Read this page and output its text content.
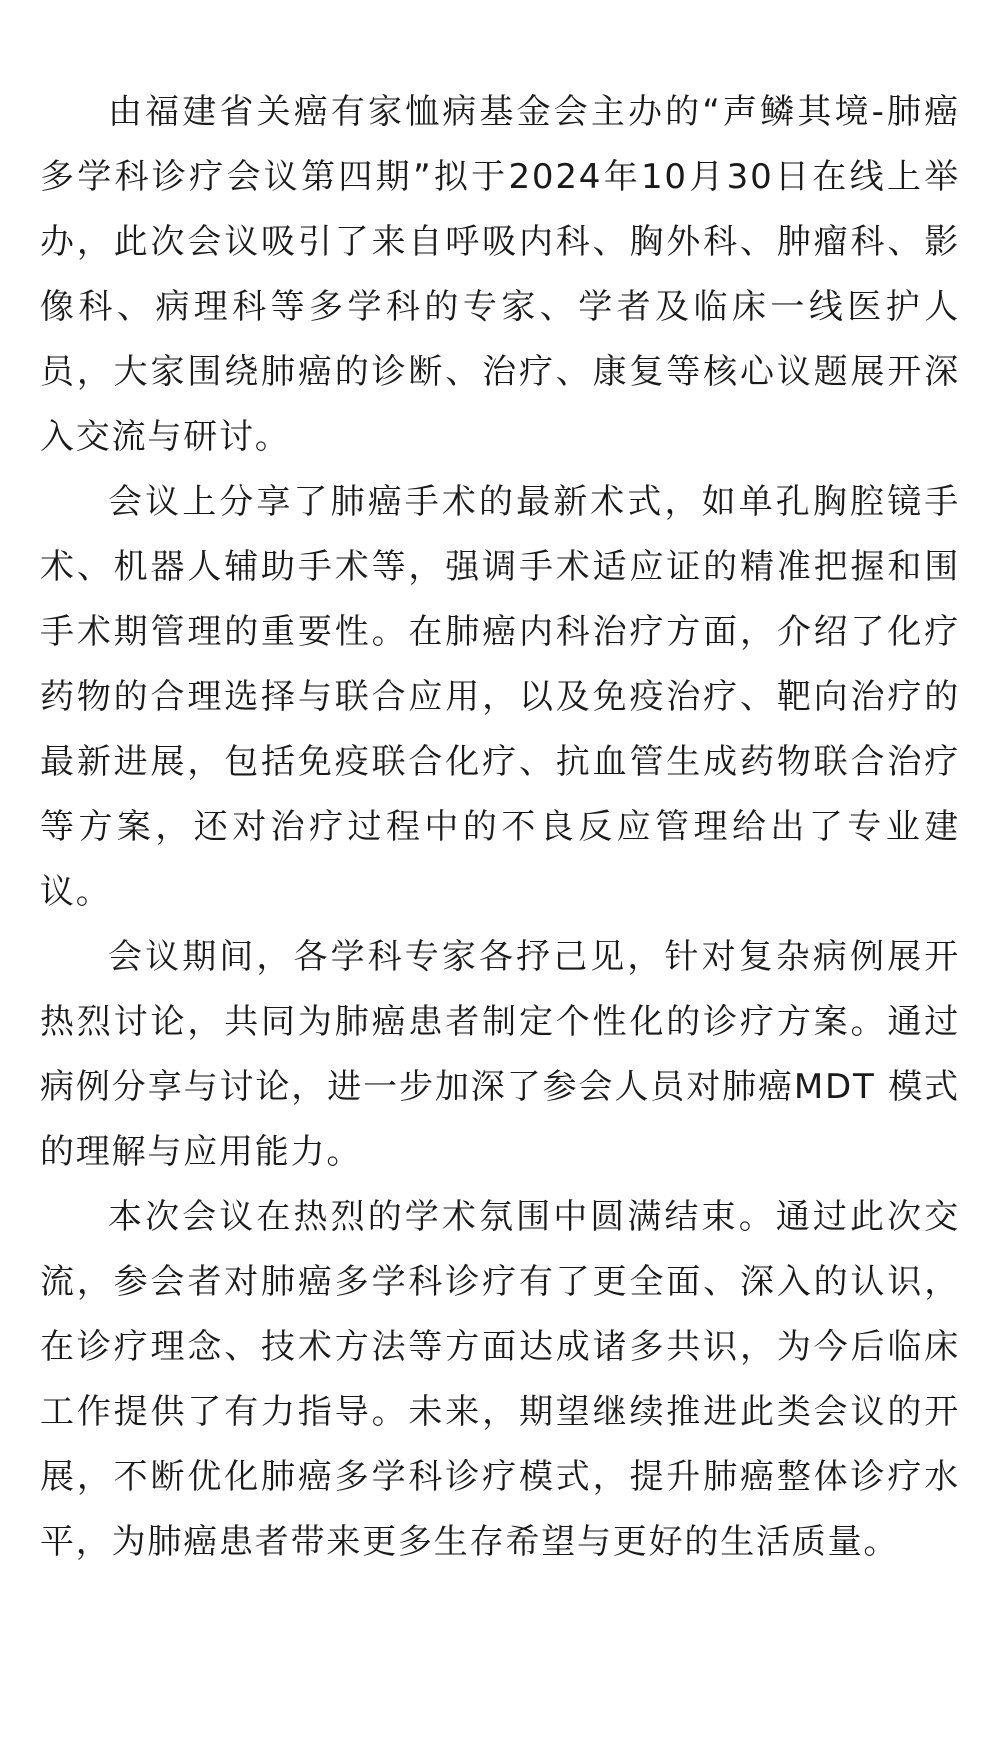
由福建省关癌有家恤病基金会主办的“声鳞其境-肺癌多学科诊疗会议第四期”拟于2024年10月30日在线上举办，此次会议吸引了来自呼吸内科、胸外科、肿瘤科、影像科、病理科等多学科的专家、学者及临床一线医护人员，大家围绕肺癌的诊断、治疗、康复等核心议题展开深入交流与研讨。

会议上分享了肺癌手术的最新术式，如单孔胸腔镜手术、机器人辅助手术等，强调手术适应证的精准把握和围手术期管理的重要性。在肺癌内科治疗方面，介绍了化疗药物的合理选择与联合应用，以及免疫治疗、靶向治疗的最新进展，包括免疫联合化疗、抗血管生成药物联合治疗等方案，还对治疗过程中的不良反应管理给出了专业建议。

会议期间，各学科专家各抒己见，针对复杂病例展开热烈讨论，共同为肺癌患者制定个性化的诊疗方案。通过病例分享与讨论，进一步加深了参会人员对肺癌MDT 模式的理解与应用能力。

本次会议在热烈的学术氛围中圆满结束。通过此次交流，参会者对肺癌多学科诊疗有了更全面、深入的认识，在诊疗理念、技术方法等方面达成诸多共识，为今后临床工作提供了有力指导。未来，期望继续推进此类会议的开展，不断优化肺癌多学科诊疗模式，提升肺癌整体诊疗水平，为肺癌患者带来更多生存希望与更好的生活质量。
